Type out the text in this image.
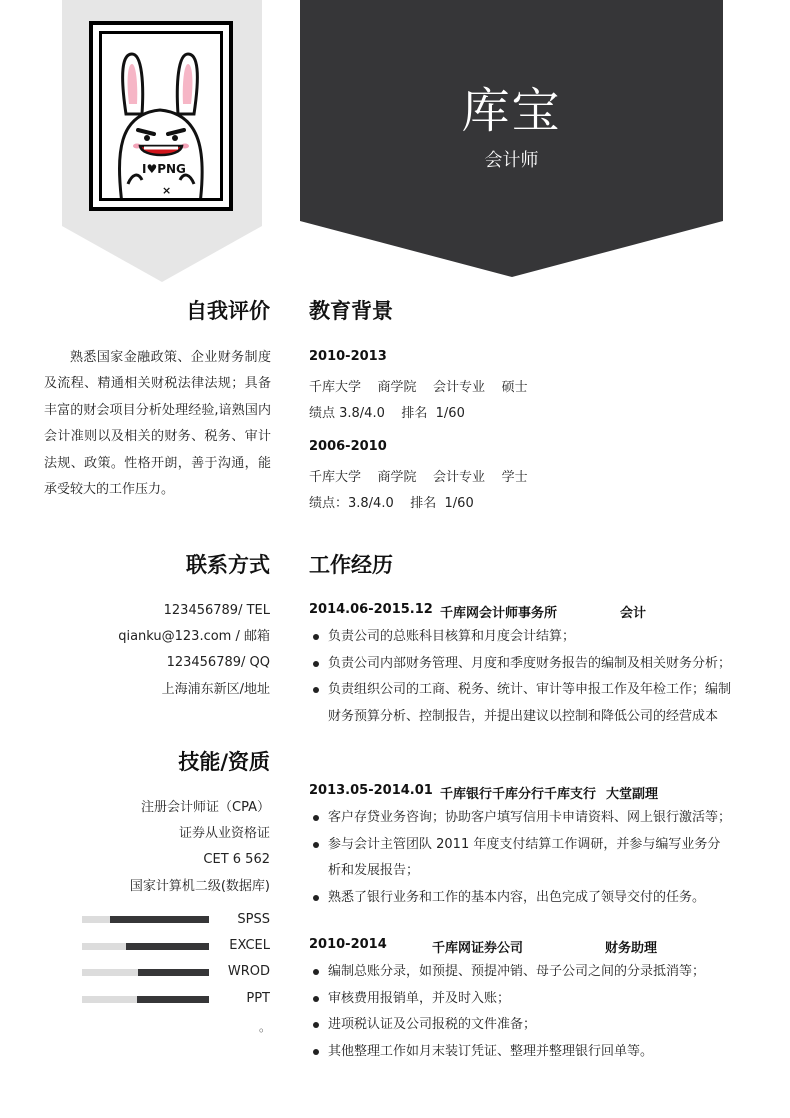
I♥PNG
×
库宝
会计师
自我评价
熟悉国家金融政策、企业财务制度及流程、精通相关财税法律法规；具备丰富的财会项目分析处理经验,谙熟国内会计准则以及相关的财务、税务、审计法规、政策。性格开朗，善于沟通，能承受较大的工作压力。
联系方式
123456789/ TEL
qianku@123.com / 邮箱
123456789/ QQ
上海浦东新区/地址
技能/资质
注册会计师证（CPA）
证券从业资格证
CET 6 562
国家计算机二级(数据库)
SPSS
EXCEL
WROD
PPT
。
教育背景
2010-2013
千库大学    商学院    会计专业    硕士
绩点 3.8/4.0    排名  1/60
2006-2010
千库大学    商学院    会计专业    学士
绩点：3.8/4.0    排名  1/60
工作经历
2014.06-2015.12 千库网会计师事务所	会计
负责公司的总账科目核算和月度会计结算；
负责公司内部财务管理、月度和季度财务报告的编制及相关财务分析；
负责组织公司的工商、税务、统计、审计等申报工作及年检工作；编制财务预算分析、控制报告，并提出建议以控制和降低公司的经营成本
2013.05-2014.01 千库银行千库分行千库支行 大堂副理
客户存贷业务咨询；协助客户填写信用卡申请资料、网上银行激活等；
参与会计主管团队 2011 年度支付结算工作调研，并参与编写业务分析和发展报告；
熟悉了银行业务和工作的基本内容，出色完成了领导交付的任务。
2010-2014	千库网证券公司	财务助理
编制总账分录，如预提、预提冲销、母子公司之间的分录抵消等；
审核费用报销单，并及时入账；
进项税认证及公司报税的文件准备；
其他整理工作如月末装订凭证、整理并整理银行回单等。
